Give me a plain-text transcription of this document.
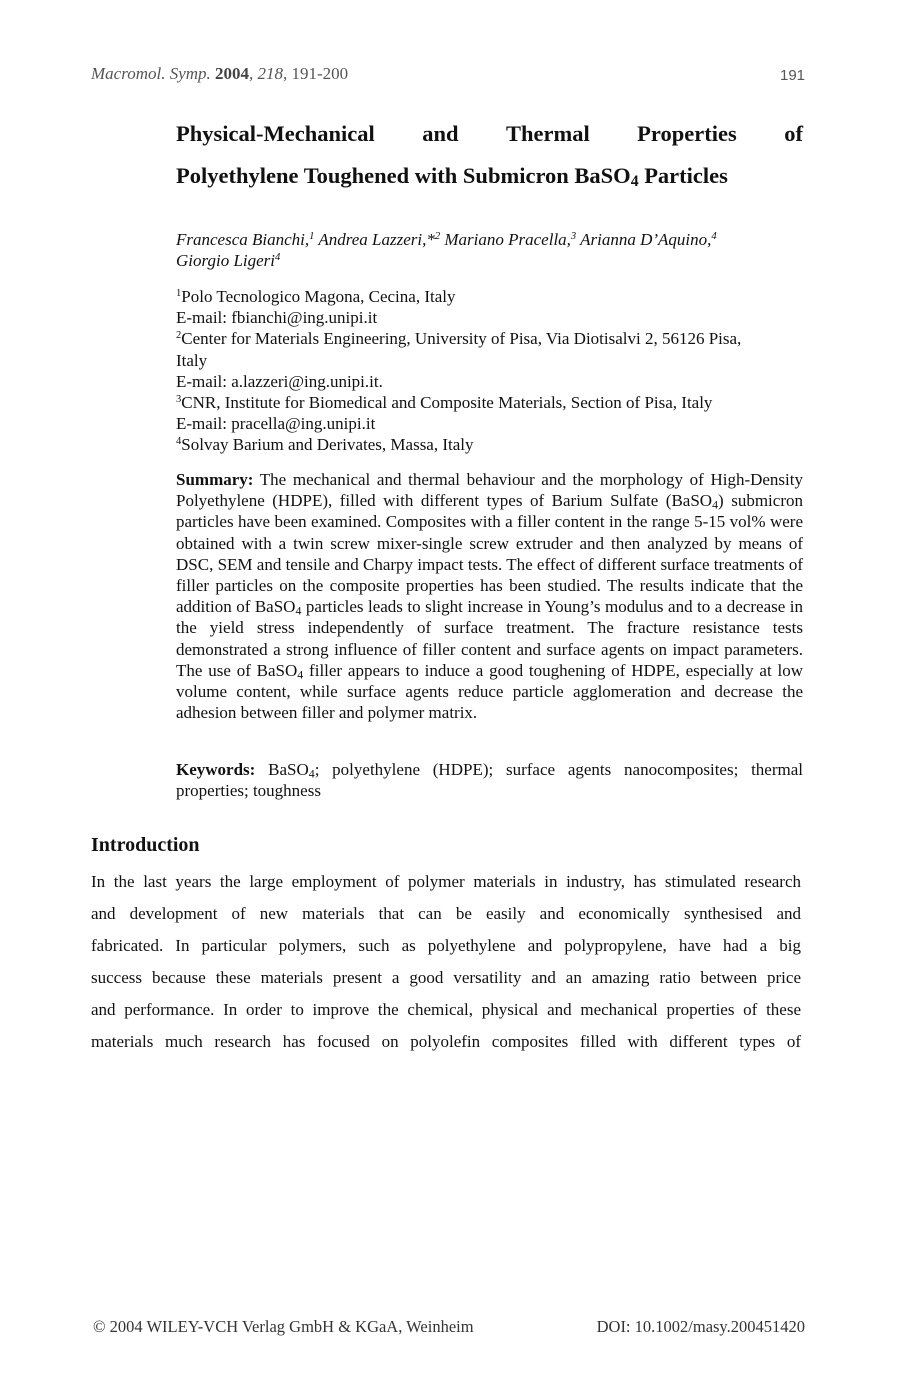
Macromol. Symp. 2004, 218, 191-200	191
Physical-Mechanical and Thermal Properties of
Polyethylene Toughened with Submicron BaSO$_4$ Particles
Francesca Bianchi,$^1$ Andrea Lazzeri,*$^2$ Mariano Pracella,$^3$ Arianna D’Aquino,$^4$
Giorgio Ligeri$^4$
$^1$Polo Tecnologico Magona, Cecina, Italy
E-mail: fbianchi@ing.unipi.it
$^2$Center for Materials Engineering, University of Pisa, Via Diotisalvi 2, 56126 Pisa,
Italy
E-mail: a.lazzeri@ing.unipi.it.
$^3$CNR, Institute for Biomedical and Composite Materials, Section of Pisa, Italy
E-mail: pracella@ing.unipi.it
$^4$Solvay Barium and Derivates, Massa, Italy
Summary: The mechanical and thermal behaviour and the morphology of High-Density Polyethylene (HDPE), filled with different types of Barium Sulfate (BaSO$_4$) submicron particles have been examined. Composites with a filler content in the range 5-15 vol% were obtained with a twin screw mixer-single screw extruder and then analyzed by means of DSC, SEM and tensile and Charpy impact tests. The effect of different surface treatments of filler particles on the composite properties has been studied. The results indicate that the addition of BaSO$_4$ particles leads to slight increase in Young’s modulus and to a decrease in the yield stress independently of surface treatment. The fracture resistance tests demonstrated a strong influence of filler content and surface agents on impact parameters. The use of BaSO$_4$ filler appears to induce a good toughening of HDPE, especially at low volume content, while surface agents reduce particle agglomeration and decrease the adhesion between filler and polymer matrix.
Keywords: BaSO$_4$; polyethylene (HDPE); surface agents nanocomposites; thermal properties; toughness
Introduction
In the last years the large employment of polymer materials in industry, has stimulated research
and development of new materials that can be easily and economically synthesised and
fabricated. In particular polymers, such as polyethylene and polypropylene, have had a big
success because these materials present a good versatility and an amazing ratio between price
and performance. In order to improve the chemical, physical and mechanical properties of these
materials much research has focused on polyolefin composites filled with different types of
© 2004 WILEY-VCH Verlag GmbH & KGaA, Weinheim	DOI: 10.1002/masy.200451420
